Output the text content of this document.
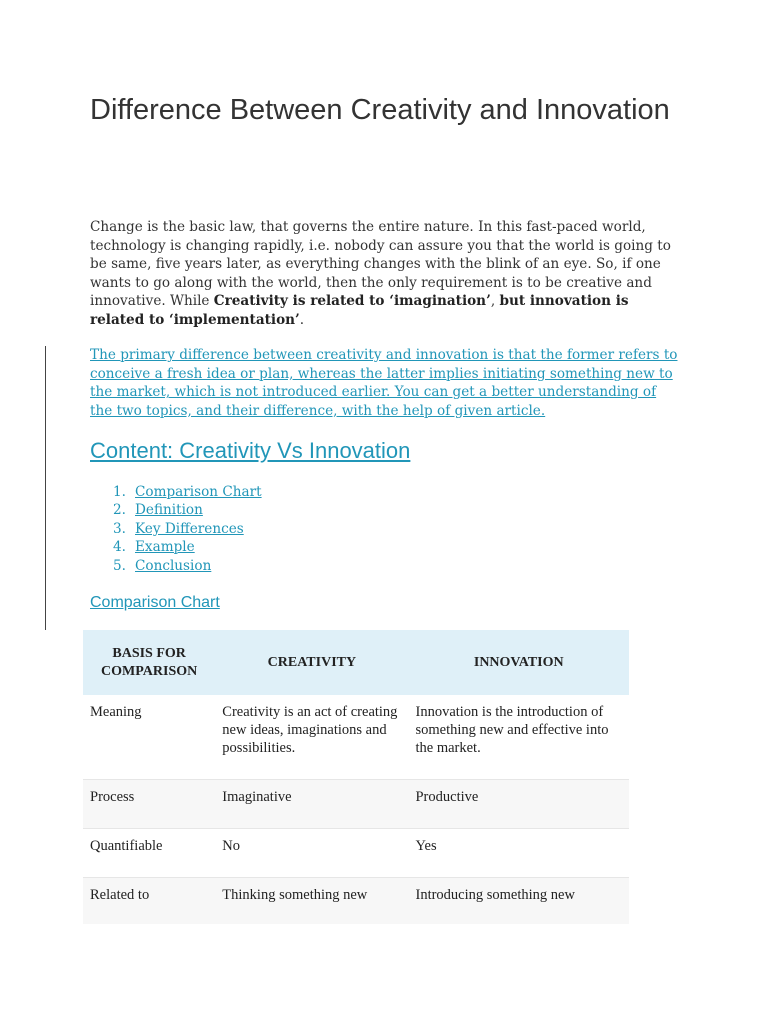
Difference Between Creativity and Innovation

Change is the basic law, that governs the entire nature. In this fast-paced world, technology is changing rapidly, i.e. nobody can assure you that the world is going to be same, five years later, as everything changes with the blink of an eye. So, if one wants to go along with the world, then the only requirement is to be creative and innovative. While Creativity is related to ‘imagination’, but innovation is related to ‘implementation’.

The primary difference between creativity and innovation is that the former refers to conceive a fresh idea or plan, whereas the latter implies initiating something new to the market, which is not introduced earlier. You can get a better understanding of the two topics, and their difference, with the help of given article.

Content: Creativity Vs Innovation
1. Comparison Chart
2. Definition
3. Key Differences
4. Example
5. Conclusion
Comparison Chart
BASIS FOR COMPARISON	CREATIVITY	INNOVATION
Meaning	Creativity is an act of creating new ideas, imaginations and possibilities.	Innovation is the introduction of something new and effective into the market.
Process	Imaginative	Productive
Quantifiable	No	Yes
Related to	Thinking something new	Introducing something new
